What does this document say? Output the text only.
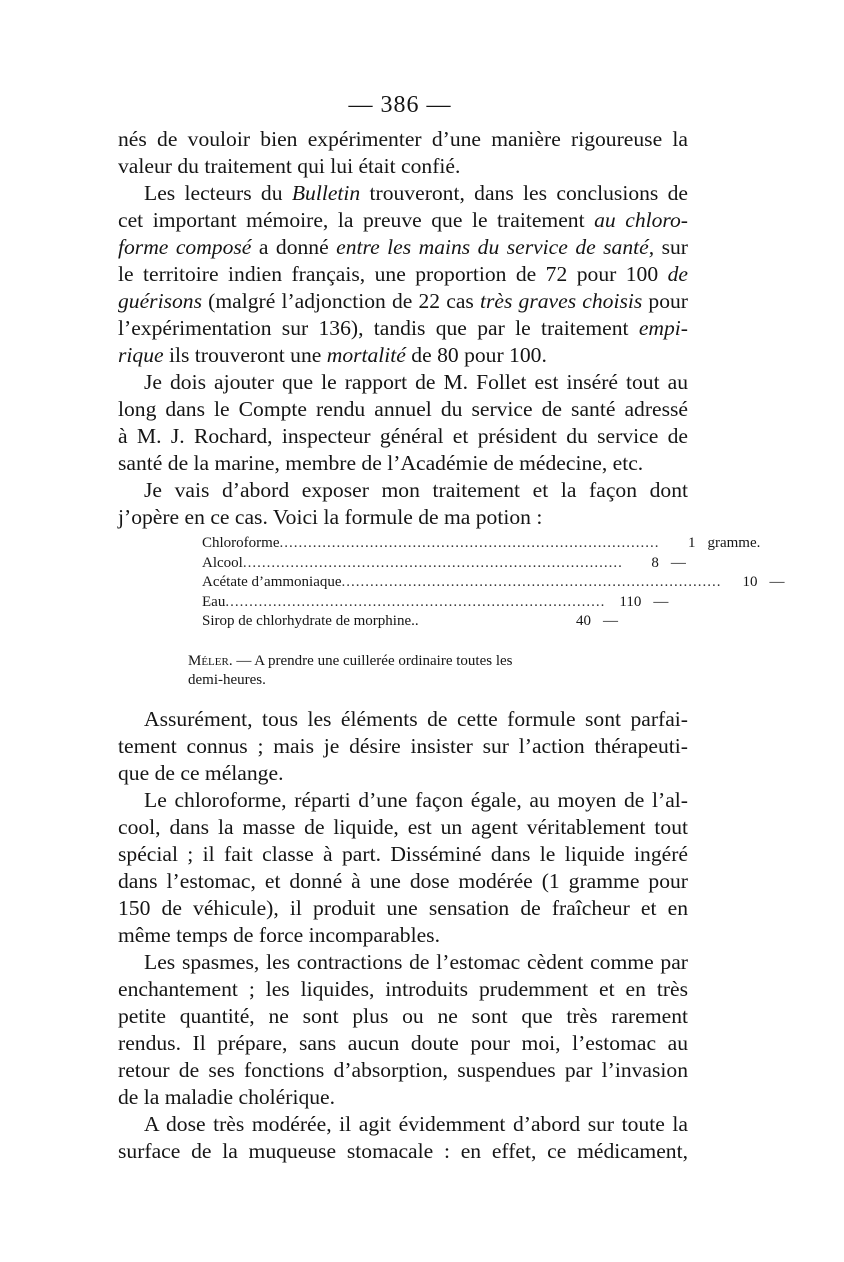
— 386 —

nés de vouloir bien expérimenter d’une manière rigoureuse la

valeur du traitement qui lui était confié.

Les lecteurs du Bulletin trouveront, dans les conclusions de

cet important mémoire, la preuve que le traitement au chloro-

forme composé a donné entre les mains du service de santé, sur

le territoire indien français, une proportion de 72 pour 100 de

guérisons (malgré l’adjonction de 22 cas très graves choisis pour

l’expérimentation sur 136), tandis que par le traitement empi-

rique ils trouveront une mortalité de 80 pour 100.

Je dois ajouter que le rapport de M. Follet est inséré tout au

long dans le Compte rendu annuel du service de santé adressé

à M. J. Rochard, inspecteur général et président du service de

santé de la marine, membre de l’Académie de médecine, etc.

Je vais d’abord exposer mon traitement et la façon dont

j’opère en ce cas. Voici la formule de ma potion :

Chloroforme ................................................................................	1 gramme.
Alcool ................................................................................	8 —
Acétate d’ammoniaque ................................................................................	10 —
Eau ................................................................................ 110 —
Sirop de chlorhydrate de morphine..	40 —

Méler. — A prendre une cuillerée ordinaire toutes les

demi-heures.

Assurément, tous les éléments de cette formule sont parfai-

tement connus ; mais je désire insister sur l’action thérapeuti-

que de ce mélange.

Le chloroforme, réparti d’une façon égale, au moyen de l’al-

cool, dans la masse de liquide, est un agent véritablement tout

spécial ; il fait classe à part. Disséminé dans le liquide ingéré

dans l’estomac, et donné à une dose modérée (1 gramme pour

150 de véhicule), il produit une sensation de fraîcheur et en

même temps de force incomparables.

Les spasmes, les contractions de l’estomac cèdent comme par

enchantement ; les liquides, introduits prudemment et en très

petite quantité, ne sont plus ou ne sont que très rarement

rendus. Il prépare, sans aucun doute pour moi, l’estomac au

retour de ses fonctions d’absorption, suspendues par l’invasion

de la maladie cholérique.

A dose très modérée, il agit évidemment d’abord sur toute la

surface de la muqueuse stomacale : en effet, ce médicament,
